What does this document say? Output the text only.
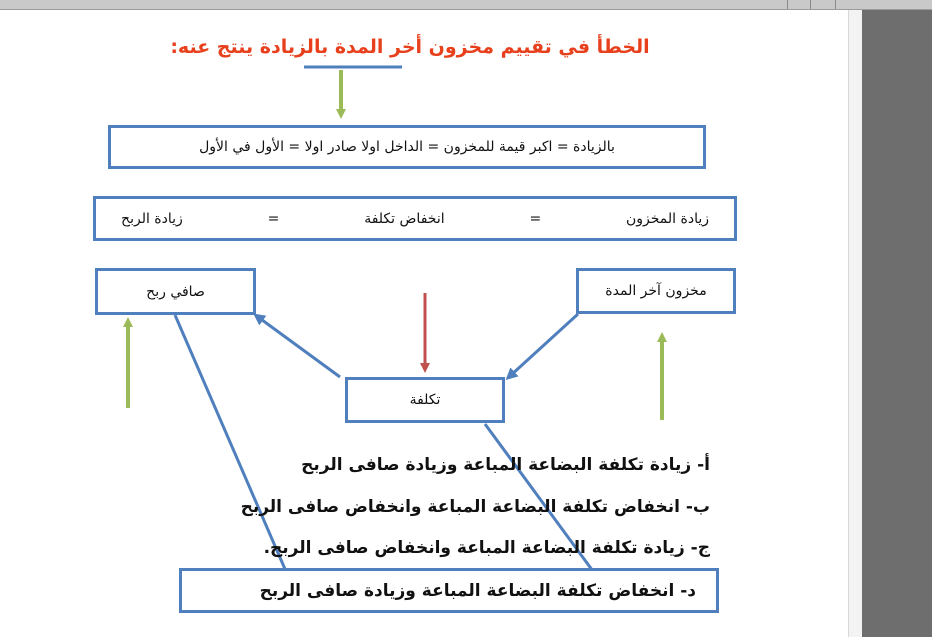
الخطأ في تقييم مخزون أخر المدة بالزيادة ينتج عنه:
بالزيادة = اكبر قيمة للمخزون = الداخل اولا صادر اولا = الأول في الأول
زيادة المخزون
=
انخفاض تكلفة
=
زيادة الربح
مخزون آخر المدة
صافي ربح
تكلفة
أ- زيادة تكلفة البضاعة المباعة وزيادة صافى الربح
ب- انخفاض تكلفة البضاعة المباعة وانخفاض صافى الربح
ج- زيادة تكلفة البضاعة المباعة وانخفاض صافى الربح.
د- انخفاض تكلفة البضاعة المباعة وزيادة صافى الربح
